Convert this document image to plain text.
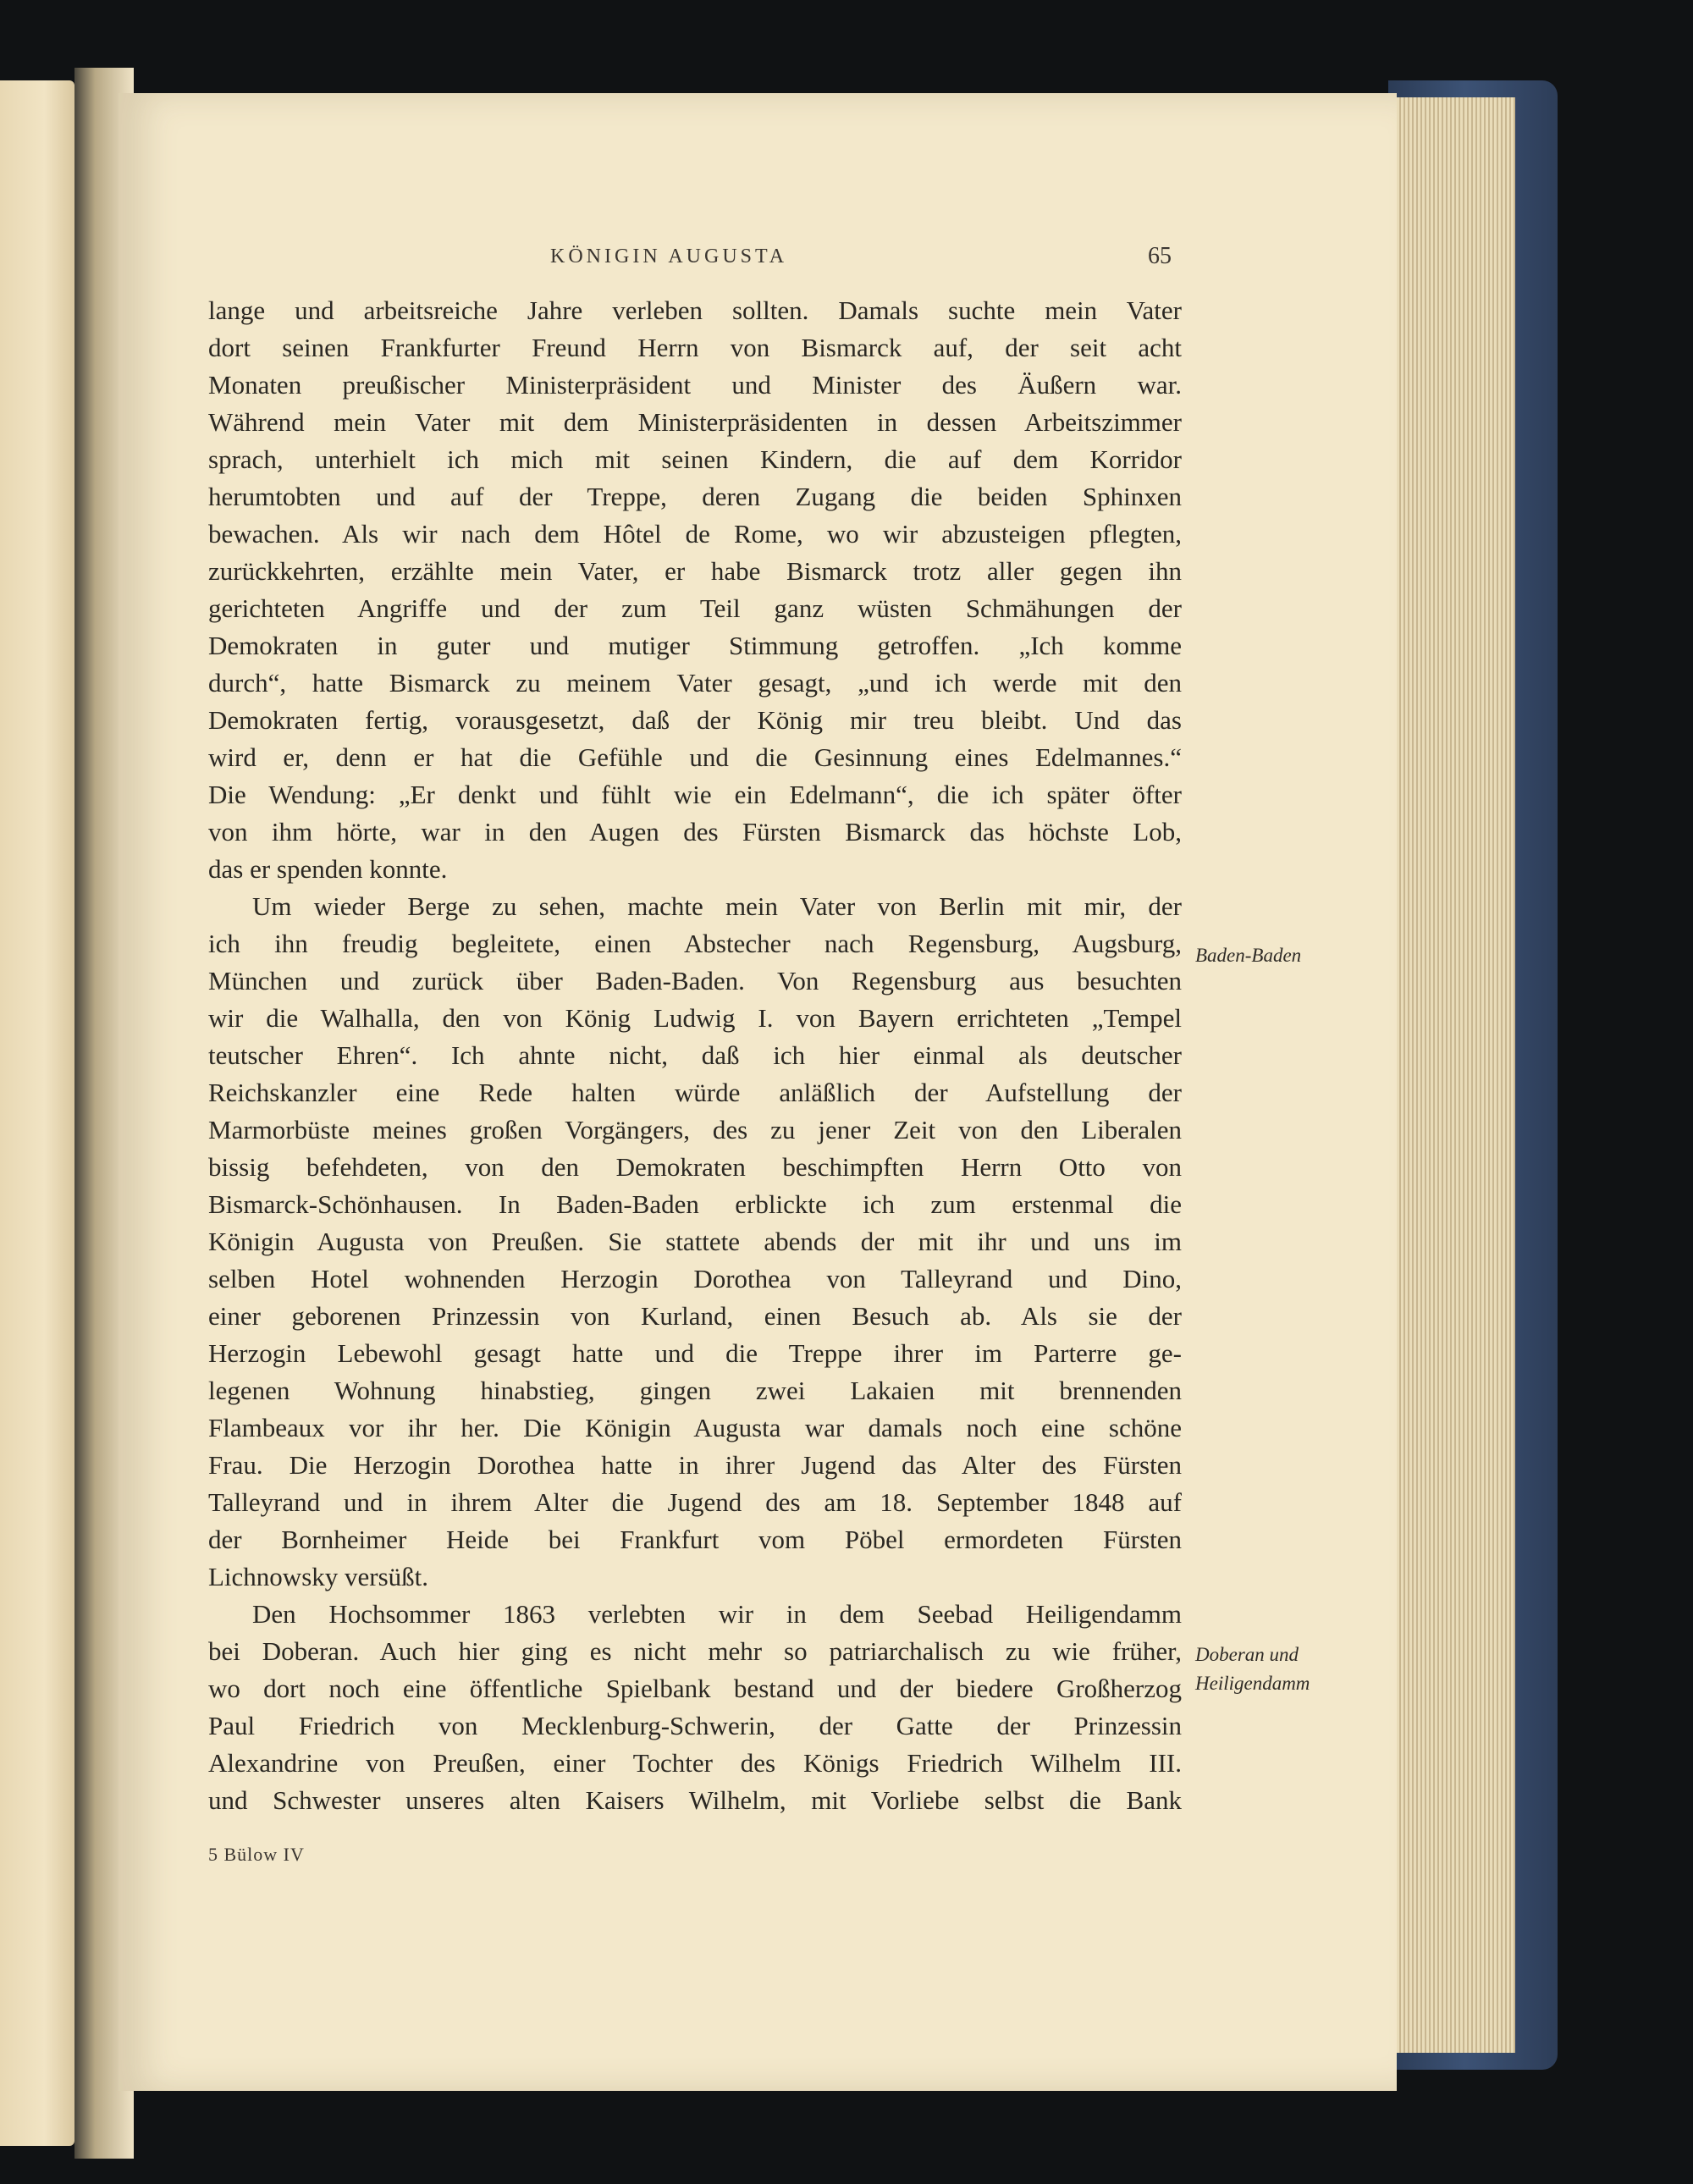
KÖNIGIN AUGUSTA	65
lange und arbeitsreiche Jahre verleben sollten. Damals suchte mein Vater
dort seinen Frankfurter Freund Herrn von Bismarck auf, der seit acht
Monaten preußischer Ministerpräsident und Minister des Äußern war.
Während mein Vater mit dem Ministerpräsidenten in dessen Arbeitszimmer
sprach, unterhielt ich mich mit seinen Kindern, die auf dem Korridor
herumtobten und auf der Treppe, deren Zugang die beiden Sphinxen
bewachen. Als wir nach dem Hôtel de Rome, wo wir abzusteigen pflegten,
zurückkehrten, erzählte mein Vater, er habe Bismarck trotz aller gegen ihn
gerichteten Angriffe und der zum Teil ganz wüsten Schmähungen der
Demokraten in guter und mutiger Stimmung getroffen. „Ich komme
durch“, hatte Bismarck zu meinem Vater gesagt, „und ich werde mit den
Demokraten fertig, vorausgesetzt, daß der König mir treu bleibt. Und das
wird er, denn er hat die Gefühle und die Gesinnung eines Edelmannes.“
Die Wendung: „Er denkt und fühlt wie ein Edelmann“, die ich später öfter
von ihm hörte, war in den Augen des Fürsten Bismarck das höchste Lob,
das er spenden konnte.
Um wieder Berge zu sehen, machte mein Vater von Berlin mit mir, der
ich ihn freudig begleitete, einen Abstecher nach Regensburg, Augsburg,
München und zurück über Baden-Baden. Von Regensburg aus besuchten
wir die Walhalla, den von König Ludwig I. von Bayern errichteten „Tempel
teutscher Ehren“. Ich ahnte nicht, daß ich hier einmal als deutscher
Reichskanzler eine Rede halten würde anläßlich der Aufstellung der
Marmorbüste meines großen Vorgängers, des zu jener Zeit von den Liberalen
bissig befehdeten, von den Demokraten beschimpften Herrn Otto von
Bismarck-Schönhausen. In Baden-Baden erblickte ich zum erstenmal die
Königin Augusta von Preußen. Sie stattete abends der mit ihr und uns im
selben Hotel wohnenden Herzogin Dorothea von Talleyrand und Dino,
einer geborenen Prinzessin von Kurland, einen Besuch ab. Als sie der
Herzogin Lebewohl gesagt hatte und die Treppe ihrer im Parterre ge-
legenen Wohnung hinabstieg, gingen zwei Lakaien mit brennenden
Flambeaux vor ihr her. Die Königin Augusta war damals noch eine schöne
Frau. Die Herzogin Dorothea hatte in ihrer Jugend das Alter des Fürsten
Talleyrand und in ihrem Alter die Jugend des am 18. September 1848 auf
der Bornheimer Heide bei Frankfurt vom Pöbel ermordeten Fürsten
Lichnowsky versüßt.
Den Hochsommer 1863 verlebten wir in dem Seebad Heiligendamm
bei Doberan. Auch hier ging es nicht mehr so patriarchalisch zu wie früher,
wo dort noch eine öffentliche Spielbank bestand und der biedere Großherzog
Paul Friedrich von Mecklenburg-Schwerin, der Gatte der Prinzessin
Alexandrine von Preußen, einer Tochter des Königs Friedrich Wilhelm III.
und Schwester unseres alten Kaisers Wilhelm, mit Vorliebe selbst die Bank
Baden-Baden
Doberan und
Heiligendamm
5 Bülow IV
